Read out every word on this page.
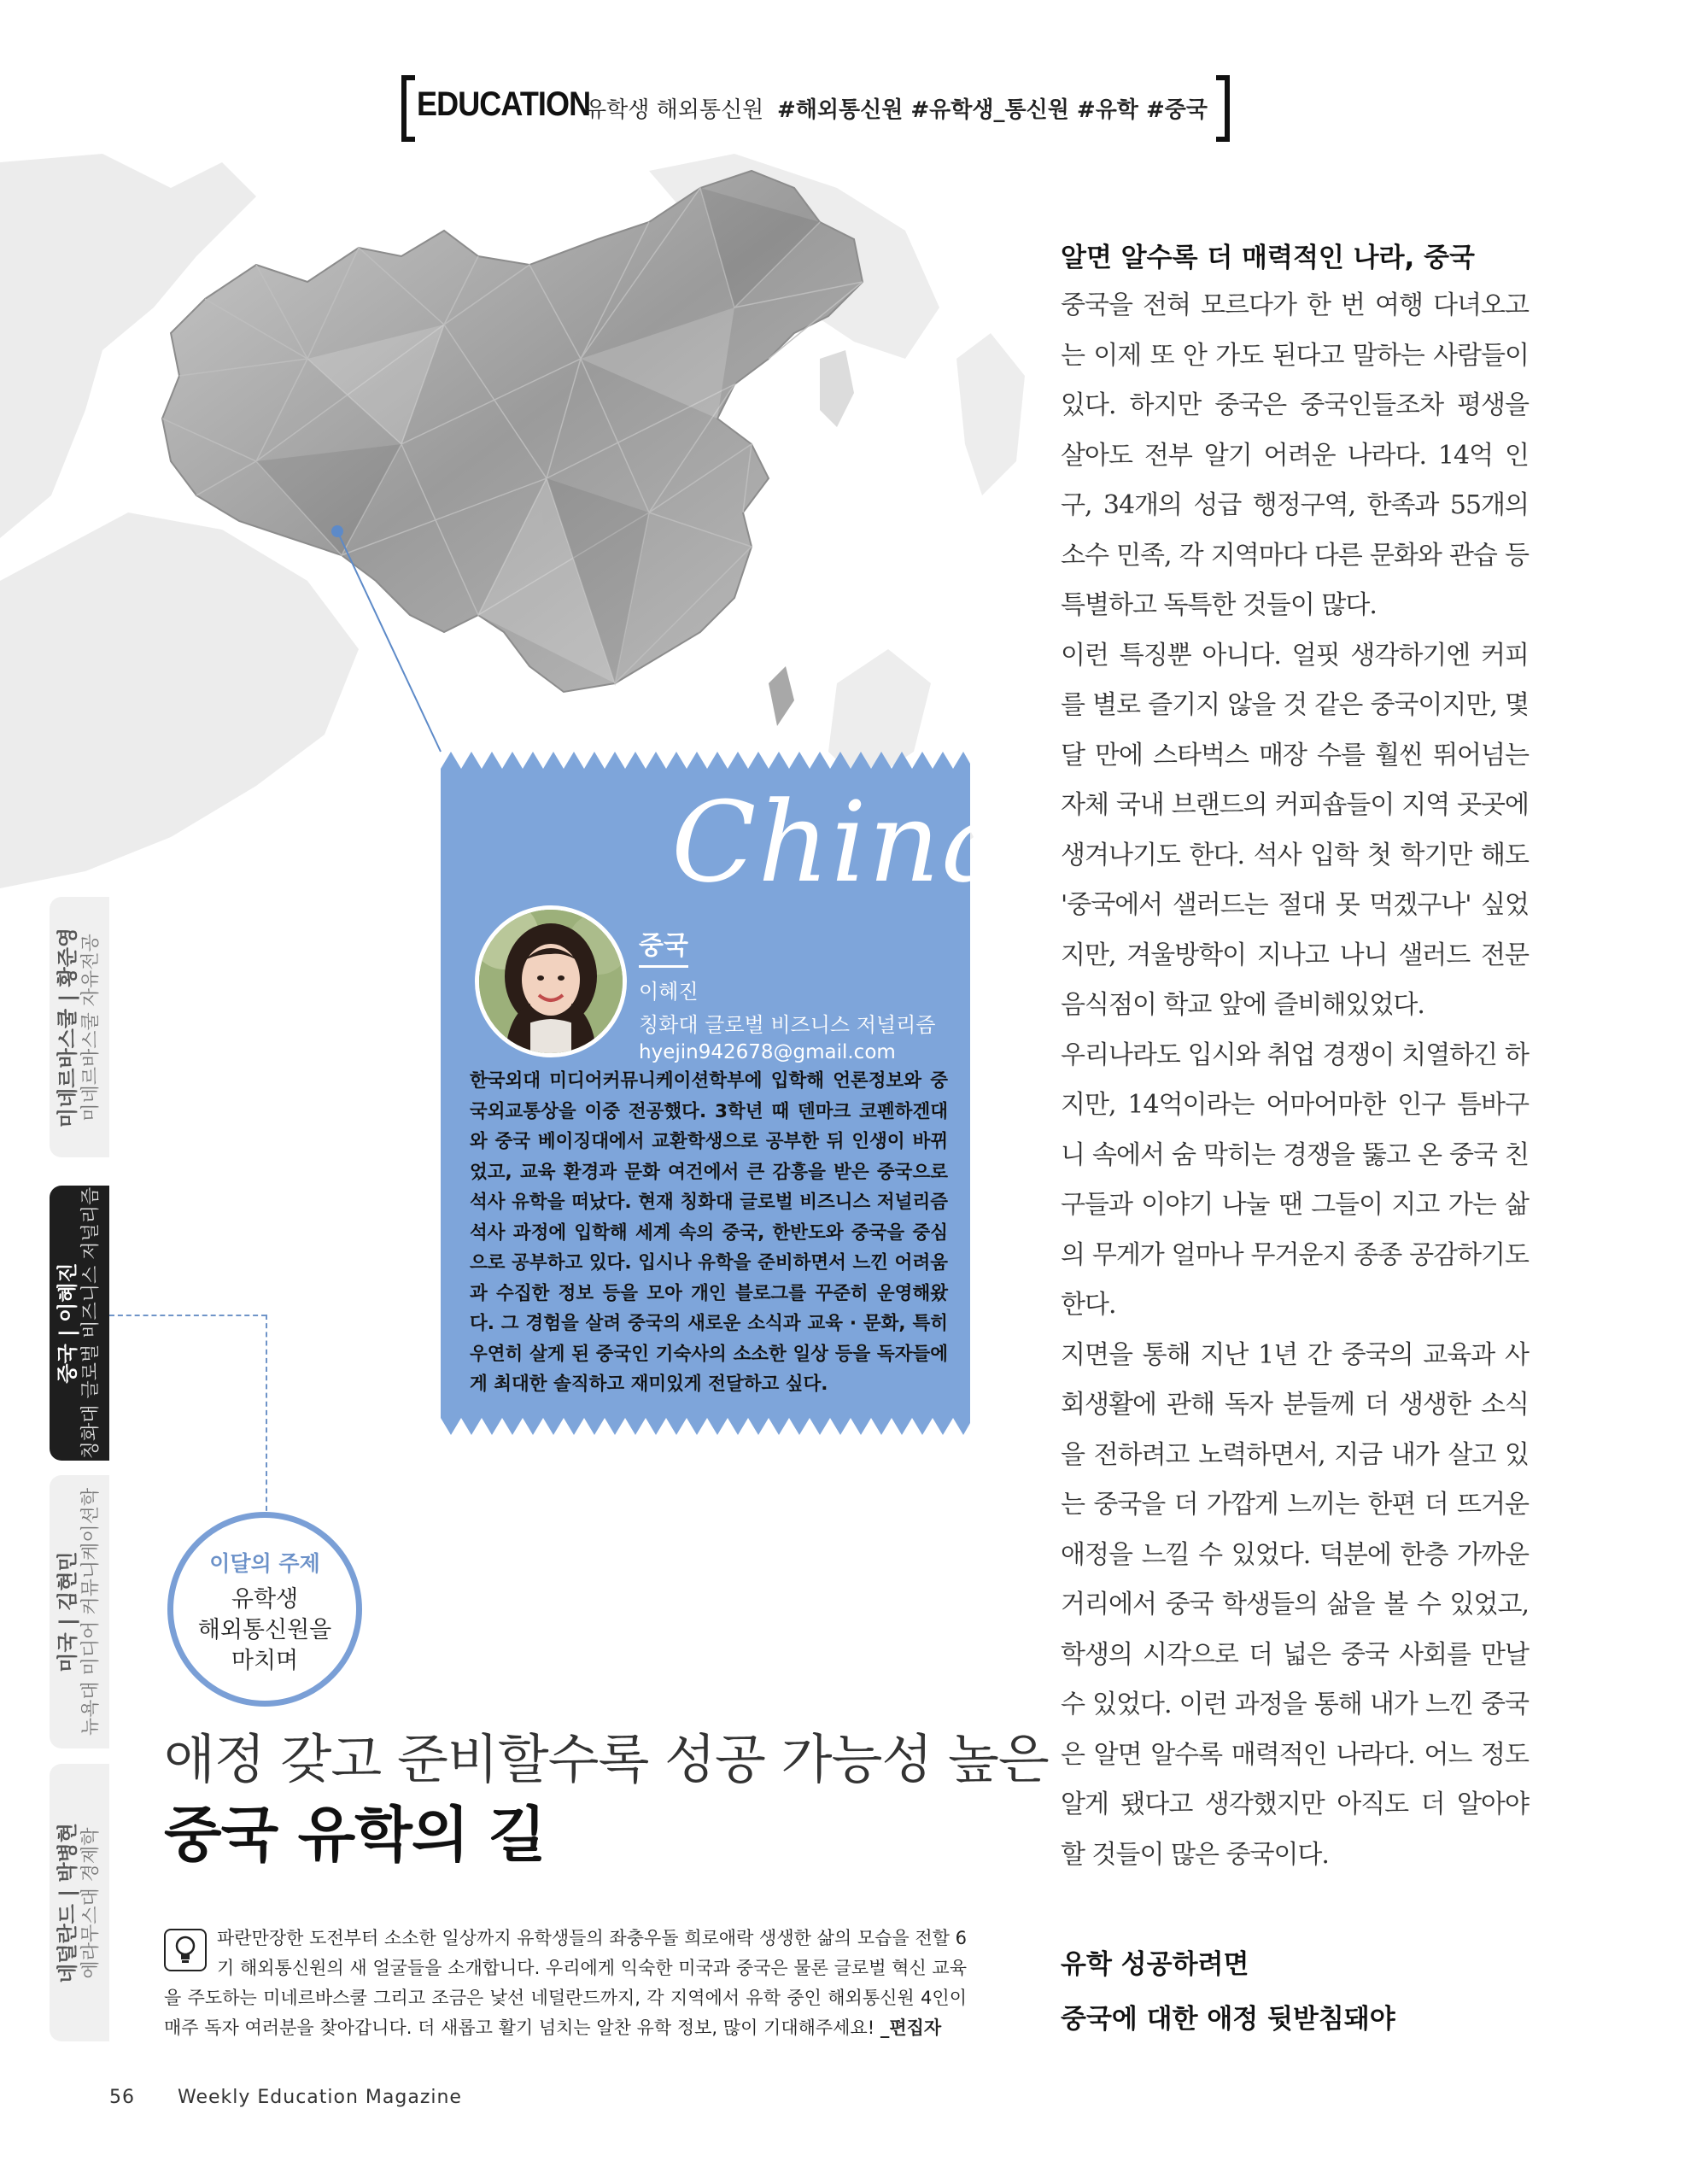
EDUCATION
유학생 해외통신원 #해외통신원 #유학생_통신원 #유학 #중국
China
중국
이혜진
칭화대 글로벌 비즈니스 저널리즘
hyejin942678@gmail.com
한국외대 미디어커뮤니케이션학부에 입학해 언론정보와 중국외교통상을 이중 전공했다. 3학년 때 덴마크 코펜하겐대와 중국 베이징대에서 교환학생으로 공부한 뒤 인생이 바뀌었고, 교육 환경과 문화 여건에서 큰 감흥을 받은 중국으로 석사 유학을 떠났다. 현재 칭화대 글로벌 비즈니스 저널리즘 석사 과정에 입학해 세계 속의 중국, 한반도와 중국을 중심으로 공부하고 있다. 입시나 유학을 준비하면서 느낀 어려움과 수집한 정보 등을 모아 개인 블로그를 꾸준히 운영해왔다. 그 경험을 살려 중국의 새로운 소식과 교육 · 문화, 특히 우연히 살게 된 중국인 기숙사의 소소한 일상 등을 독자들에게 최대한 솔직하고 재미있게 전달하고 싶다.
미네르바스쿨 | 황준영 미네르바스쿨 자유전공
중국 | 이혜진 칭화대 글로벌 비즈니스 저널리즘
미국 | 김현민 뉴욕대 미디어 커뮤니케이션학
네덜란드 | 박병현 에라무스대 경제학
이달의 주제
유학생
해외통신원을
마치며
애정 갖고 준비할수록 성공 가능성 높은
중국 유학의 길
파란만장한 도전부터 소소한 일상까지 유학생들의 좌충우돌 희로애락 생생한 삶의 모습을 전할 6기 해외통신원의 새 얼굴들을 소개합니다. 우리에게 익숙한 미국과 중국은 물론 글로벌 혁신 교육을 주도하는 미네르바스쿨 그리고 조금은 낯선 네덜란드까지, 각 지역에서 유학 중인 해외통신원 4인이 매주 독자 여러분을 찾아갑니다. 더 새롭고 활기 넘치는 알찬 유학 정보, 많이 기대해주세요! _편집자
56 Weekly Education Magazine
알면 알수록 더 매력적인 나라, 중국

중국을 전혀 모르다가 한 번 여행 다녀오고는 이제 또 안 가도 된다고 말하는 사람들이 있다. 하지만 중국은 중국인들조차 평생을 살아도 전부 알기 어려운 나라다. 14억 인구, 34개의 성급 행정구역, 한족과 55개의 소수 민족, 각 지역마다 다른 문화와 관습 등 특별하고 독특한 것들이 많다.

이런 특징뿐 아니다. 얼핏 생각하기엔 커피를 별로 즐기지 않을 것 같은 중국이지만, 몇 달 만에 스타벅스 매장 수를 훨씬 뛰어넘는 자체 국내 브랜드의 커피숍들이 지역 곳곳에 생겨나기도 한다. 석사 입학 첫 학기만 해도 '중국에서 샐러드는 절대 못 먹겠구나' 싶었지만, 겨울방학이 지나고 나니 샐러드 전문 음식점이 학교 앞에 즐비해있었다.

우리나라도 입시와 취업 경쟁이 치열하긴 하지만, 14억이라는 어마어마한 인구 틈바구니 속에서 숨 막히는 경쟁을 뚫고 온 중국 친구들과 이야기 나눌 땐 그들이 지고 가는 삶의 무게가 얼마나 무거운지 종종 공감하기도 한다.

지면을 통해 지난 1년 간 중국의 교육과 사회생활에 관해 독자 분들께 더 생생한 소식을 전하려고 노력하면서, 지금 내가 살고 있는 중국을 더 가깝게 느끼는 한편 더 뜨거운 애정을 느낄 수 있었다. 덕분에 한층 가까운 거리에서 중국 학생들의 삶을 볼 수 있었고, 학생의 시각으로 더 넓은 중국 사회를 만날 수 있었다. 이런 과정을 통해 내가 느낀 중국은 알면 알수록 매력적인 나라다. 어느 정도 알게 됐다고 생각했지만 아직도 더 알아야 할 것들이 많은 중국이다.

유학 성공하려면
중국에 대한 애정 뒷받침돼야
